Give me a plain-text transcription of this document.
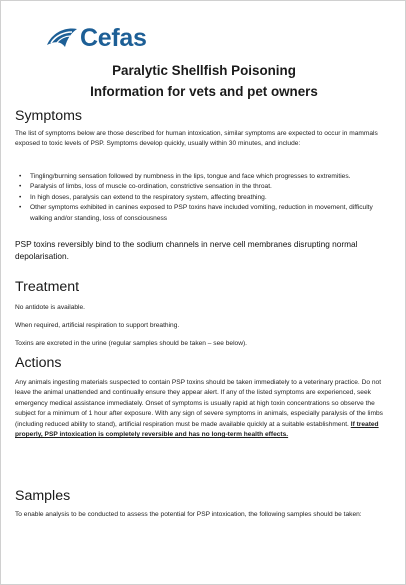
Cefas
Paralytic Shellfish Poisoning
Information for vets and pet owners
Symptoms

The list of symptoms below are those described for human intoxication, similar symptoms are expected to occur in mammals exposed to toxic levels of PSP. Symptoms develop quickly, usually within 30 minutes, and include:

• Tingling/burning sensation followed by numbness in the lips, tongue and face which progresses to extremities.
• Paralysis of limbs, loss of muscle co-ordination, constrictive sensation in the throat.
• In high doses, paralysis can extend to the respiratory system, affecting breathing.
• Other symptoms exhibited in canines exposed to PSP toxins have included vomiting, reduction in movement, difficulty walking and/or standing, loss of consciousness

PSP toxins reversibly bind to the sodium channels in nerve cell membranes disrupting normal depolarisation.

Treatment

No antidote is available.

When required, artificial respiration to support breathing.

Toxins are excreted in the urine (regular samples should be taken – see below).

Actions

Any animals ingesting materials suspected to contain PSP toxins should be taken immediately to a veterinary practice. Do not leave the animal unattended and continually ensure they appear alert. If any of the listed symptoms are experienced, seek emergency medical assistance immediately. Onset of symptoms is usually rapid at high toxin concentrations so observe the subject for a minimum of 1 hour after exposure. With any sign of severe symptoms in animals, especially paralysis of the limbs (including reduced ability to stand), artificial respiration must be made available quickly at a suitable establishment. If treated properly, PSP intoxication is completely reversible and has no long-term health effects.

Samples

To enable analysis to be conducted to assess the potential for PSP intoxication, the following samples should be taken:
